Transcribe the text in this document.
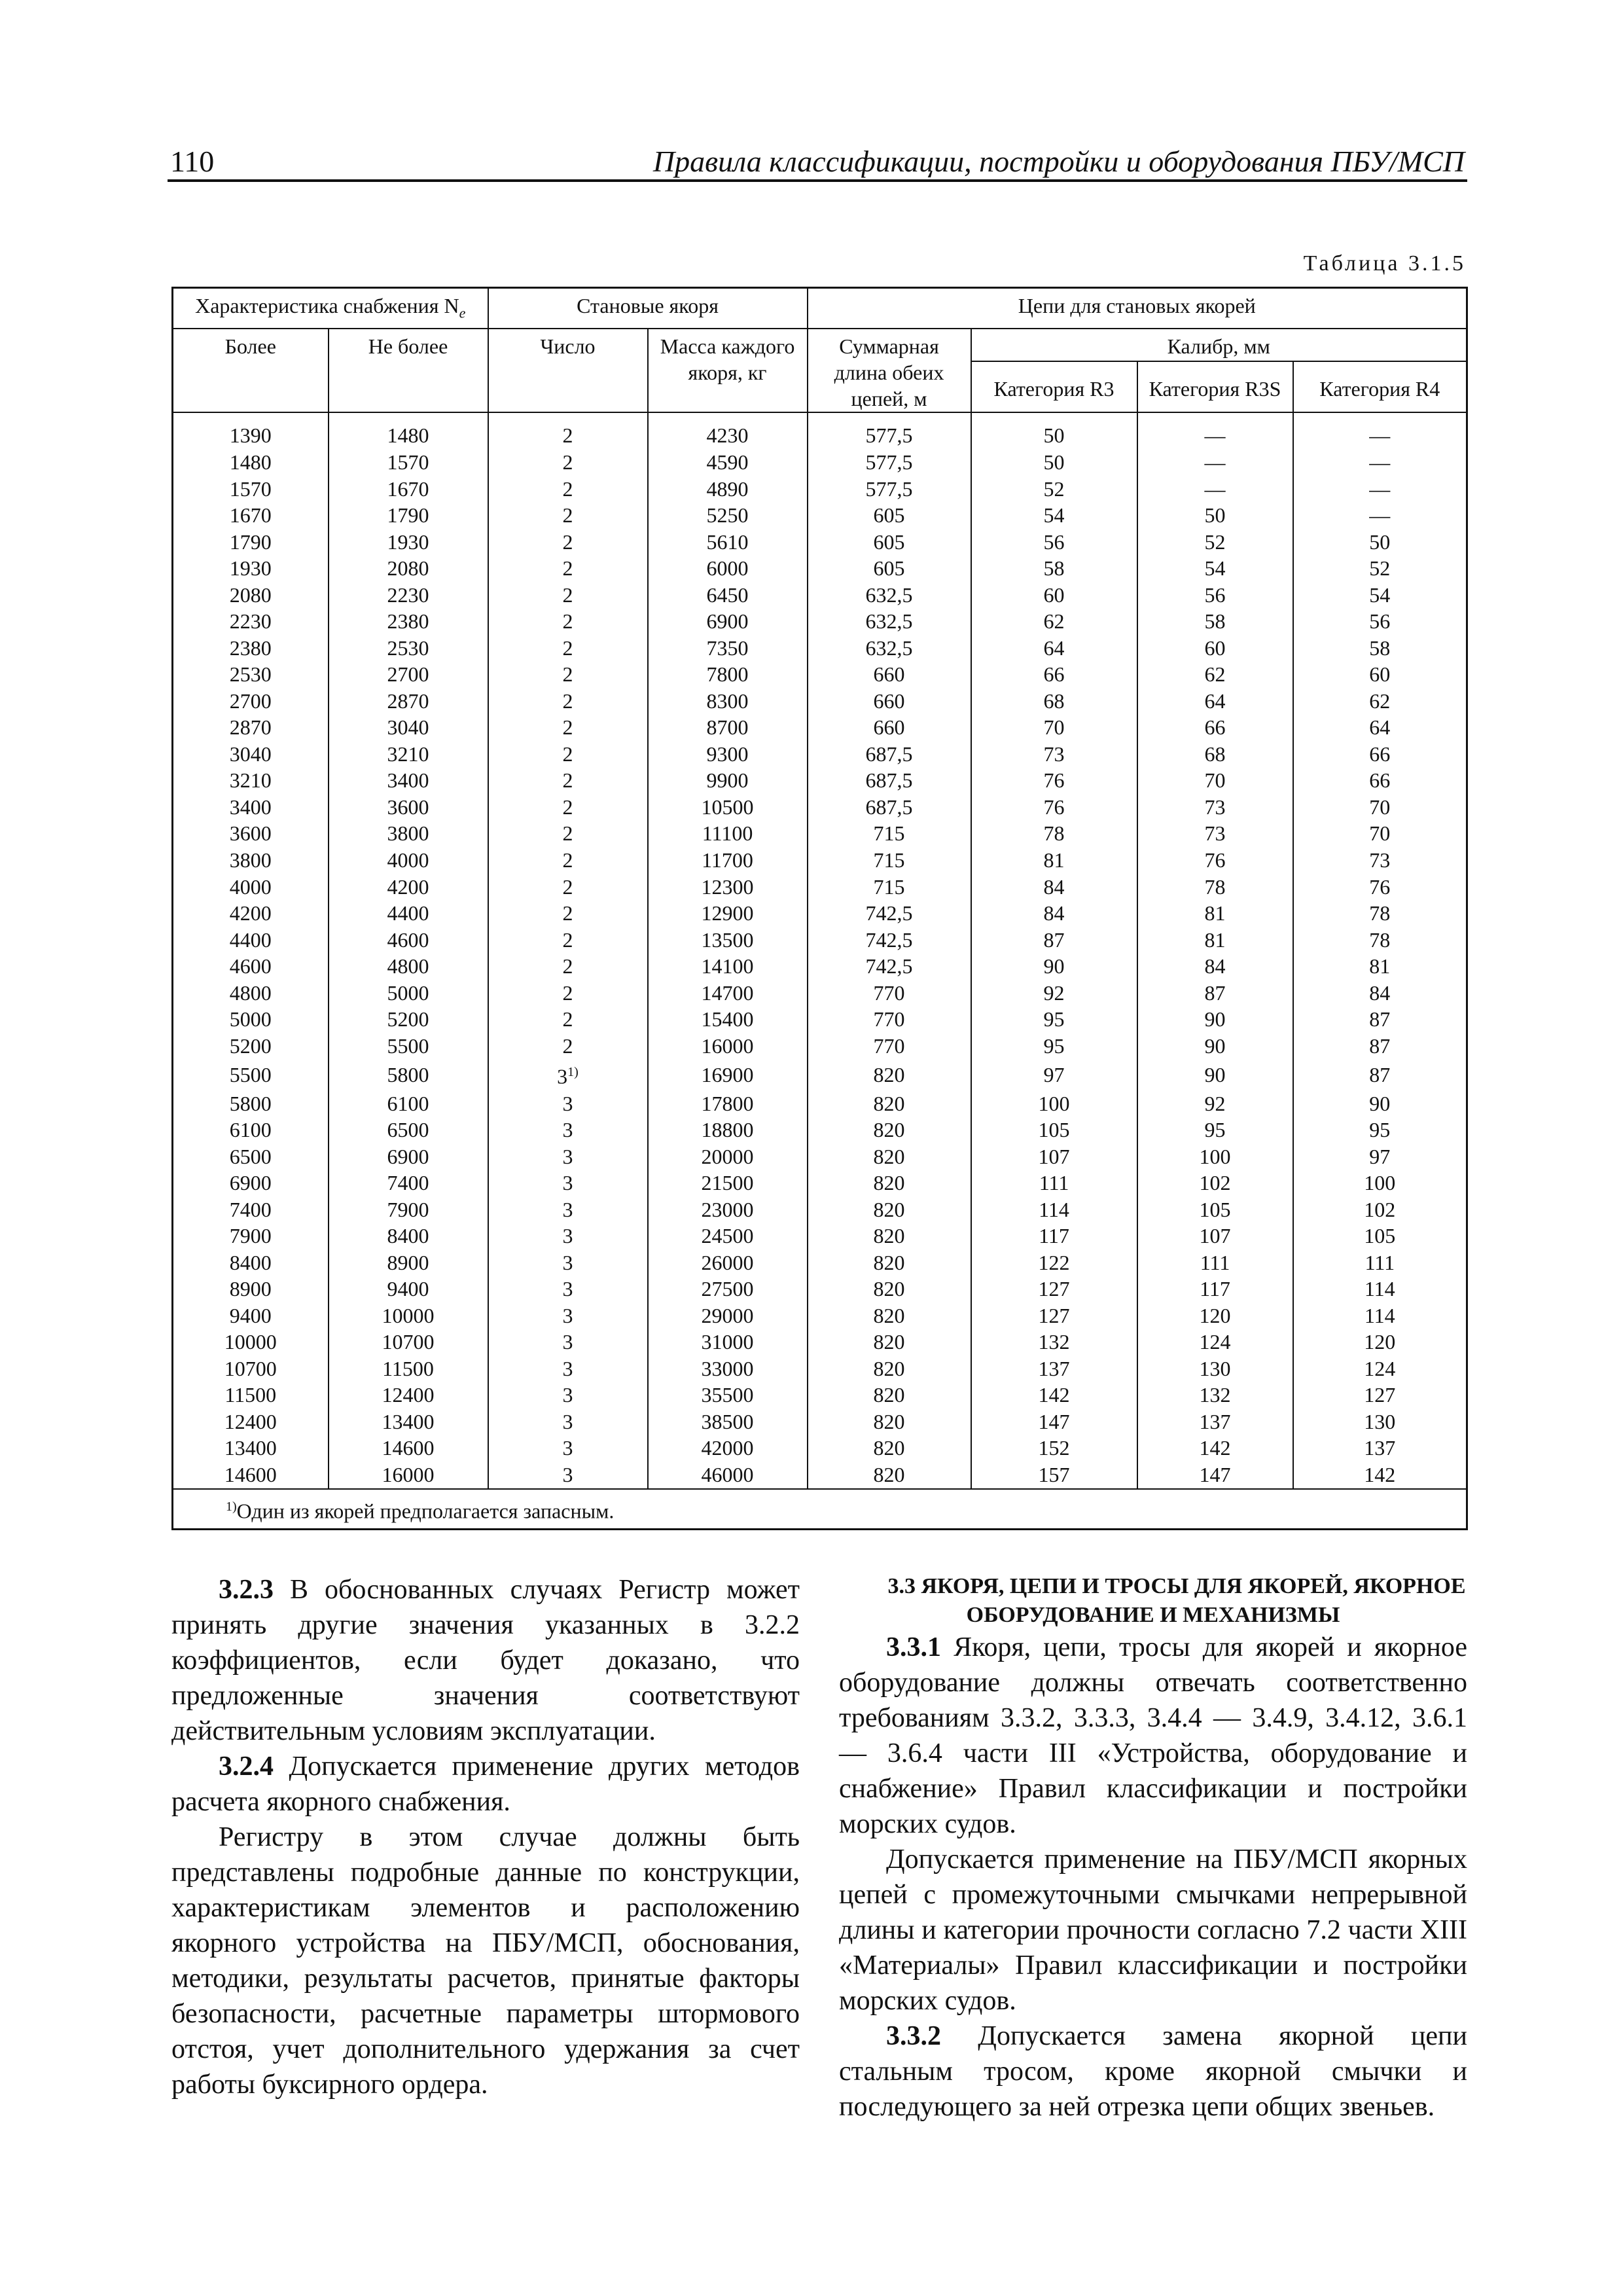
110	Правила классификации, постройки и оборудования ПБУ/МСП
Таблица 3.1.5
Характеристика снабжения $N_e$		Становые якоря		Цепи для становых якорей			
Более	Не более	Число	Масса каждого якоря, кг	Суммарная длина обеих цепей, м	Калибр, мм		
					Категория R3	Категория R3S	Категория R4
1390	1480	2	4230	577,5	50	—	—
1480	1570	2	4590	577,5	50	—	—
1570	1670	2	4890	577,5	52	—	—
1670	1790	2	5250	605	54	50	—
1790	1930	2	5610	605	56	52	50
1930	2080	2	6000	605	58	54	52
2080	2230	2	6450	632,5	60	56	54
2230	2380	2	6900	632,5	62	58	56
2380	2530	2	7350	632,5	64	60	58
2530	2700	2	7800	660	66	62	60
2700	2870	2	8300	660	68	64	62
2870	3040	2	8700	660	70	66	64
3040	3210	2	9300	687,5	73	68	66
3210	3400	2	9900	687,5	76	70	66
3400	3600	2	10500	687,5	76	73	70
3600	3800	2	11100	715	78	73	70
3800	4000	2	11700	715	81	76	73
4000	4200	2	12300	715	84	78	76
4200	4400	2	12900	742,5	84	81	78
4400	4600	2	13500	742,5	87	81	78
4600	4800	2	14100	742,5	90	84	81
4800	5000	2	14700	770	92	87	84
5000	5200	2	15400	770	95	90	87
5200	5500	2	16000	770	95	90	87
5500	5800	3$^{1)}$	16900	820	97	90	87
5800	6100	3	17800	820	100	92	90
6100	6500	3	18800	820	105	95	95
6500	6900	3	20000	820	107	100	97
6900	7400	3	21500	820	111	102	100
7400	7900	3	23000	820	114	105	102
7900	8400	3	24500	820	117	107	105
8400	8900	3	26000	820	122	111	111
8900	9400	3	27500	820	127	117	114
9400	10000	3	29000	820	127	120	114
10000	10700	3	31000	820	132	124	120
10700	11500	3	33000	820	137	130	124
11500	12400	3	35500	820	142	132	127
12400	13400	3	38500	820	147	137	130
13400	14600	3	42000	820	152	142	137
14600	16000	3	46000	820	157	147	142
$^{1)}$Один из якорей предполагается запасным.							

3.2.3 В обоснованных случаях Регистр может принять другие значения указанных в 3.2.2 коэффициентов, если будет доказано, что предложенные значения соответствуют действительным условиям эксплуатации.

3.2.4 Допускается применение других методов расчета якорного снабжения.

Регистру в этом случае должны быть представлены подробные данные по конструкции, характеристикам элементов и расположению якорного устройства на ПБУ/МСП, обоснования, методики, результаты расчетов, принятые факторы безопасности, расчетные параметры штормового отстоя, учет дополнительного удержания за счет работы буксирного ордера.

3.3 ЯКОРЯ, ЦЕПИ И ТРОСЫ ДЛЯ ЯКОРЕЙ, ЯКОРНОЕ ОБОРУДОВАНИЕ И МЕХАНИЗМЫ

3.3.1 Якоря, цепи, тросы для якорей и якорное оборудование должны отвечать соответственно требованиям 3.3.2, 3.3.3, 3.4.4 — 3.4.9, 3.4.12, 3.6.1 — 3.6.4 части III «Устройства, оборудование и снабжение» Правил классификации и постройки морских судов.

Допускается применение на ПБУ/МСП якорных цепей с промежуточными смычками непрерывной длины и категории прочности согласно 7.2 части XIII «Материалы» Правил классификации и постройки морских судов.

3.3.2 Допускается замена якорной цепи стальным тросом, кроме якорной смычки и последующего за ней отрезка цепи общих звеньев.
